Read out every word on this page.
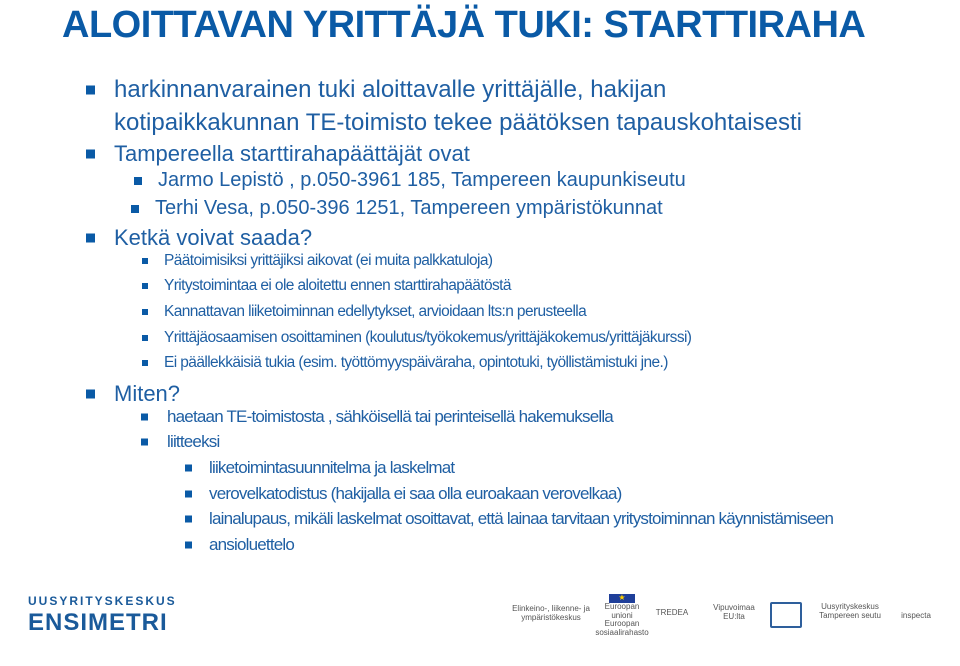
ALOITTAVAN YRITTÄJÄ TUKI: STARTTIRAHA
harkinnanvarainen tuki aloittavalle yrittäjälle, hakijan
kotipaikkakunnan TE-toimisto tekee päätöksen tapauskohtaisesti
Tampereella starttirahapäättäjät ovat
Jarmo Lepistö , p.050-3961 185, Tampereen kaupunkiseutu
Terhi Vesa, p.050-396 1251, Tampereen ympäristökunnat
Ketkä voivat saada?
Päätoimisiksi yrittäjiksi aikovat (ei muita palkkatuloja)
Yritystoimintaa ei ole aloitettu ennen starttirahapäätöstä
Kannattavan liiketoiminnan edellytykset, arvioidaan lts:n perusteella
Yrittäjäosaamisen osoittaminen (koulutus/työkokemus/yrittäjäkokemus/yrittäjäkurssi)
Ei päällekkäisiä tukia (esim. työttömyyspäiväraha, opintotuki, työllistämistuki jne.)
Miten?
haetaan TE-toimistosta , sähköisellä tai perinteisellä hakemuksella
liitteeksi
liiketoimintasuunnitelma ja laskelmat
verovelkatodistus (hakijalla ei saa olla euroakaan verovelkaa)
lainalupaus, mikäli laskelmat osoittavat, että lainaa tarvitaan yritystoiminnan käynnistämiseen
ansioluettelo
UUSYRITYSKESKUS
ENSIMETRI
Elinkeino-, liikenne- ja ympäristökeskus
★
Euroopan unioni Euroopan sosiaalirahasto
TREDEA	Vipuvoimaa EU:lta
Uusyrityskeskus Tampereen seutu	inspecta
